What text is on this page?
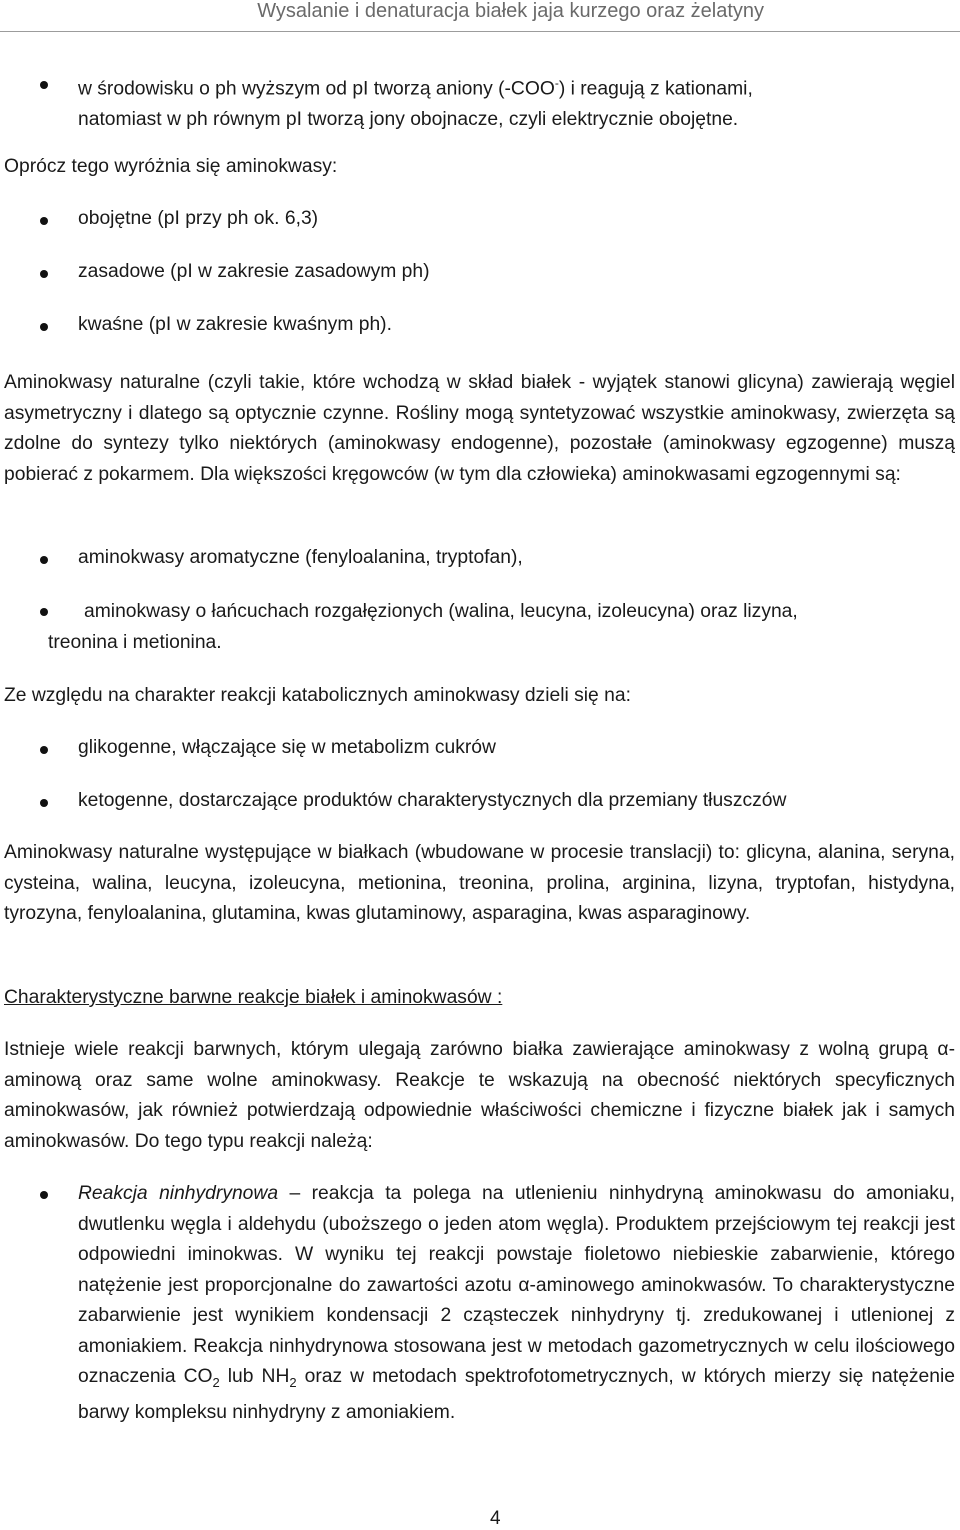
Wysalanie i denaturacja białek jaja kurzego oraz żelatyny

w środowisku o ph wyższym od pI tworzą aniony (-COO-) i reagują z kationami,
natomiast w ph równym pI tworzą jony obojnacze, czyli elektrycznie obojętne.

Oprócz tego wyróżnia się aminokwasy:

obojętne (pI przy ph ok. 6,3)

zasadowe (pI w zakresie zasadowym ph)

kwaśne (pI w zakresie kwaśnym ph).

Aminokwasy naturalne (czyli takie, które wchodzą w skład białek - wyjątek stanowi glicyna) zawierają węgiel asymetryczny i dlatego są optycznie czynne. Rośliny mogą syntetyzować wszystkie aminokwasy, zwierzęta są zdolne do syntezy tylko niektórych (aminokwasy endogenne), pozostałe (aminokwasy egzogenne) muszą pobierać z pokarmem. Dla większości kręgowców (w tym dla człowieka) aminokwasami egzogennymi są:

aminokwasy aromatyczne (fenyloalanina, tryptofan),

aminokwasy o łańcuchach rozgałęzionych (walina, leucyna, izoleucyna) oraz lizyna,

treonina i metionina.

Ze względu na charakter reakcji katabolicznych aminokwasy dzieli się na:

glikogenne, włączające się w metabolizm cukrów

ketogenne, dostarczające produktów charakterystycznych dla przemiany tłuszczów

Aminokwasy naturalne występujące w białkach (wbudowane w procesie translacji) to: glicyna, alanina, seryna, cysteina, walina, leucyna, izoleucyna, metionina, treonina, prolina, arginina, lizyna, tryptofan, histydyna, tyrozyna, fenyloalanina, glutamina, kwas glutaminowy, asparagina, kwas asparaginowy.

Charakterystyczne barwne reakcje białek i aminokwasów :

Istnieje wiele reakcji barwnych, którym ulegają zarówno białka zawierające aminokwasy z wolną grupą α-aminową oraz same wolne aminokwasy. Reakcje te wskazują na obecność niektórych specyficznych aminokwasów, jak również potwierdzają odpowiednie właściwości chemiczne i fizyczne białek jak i samych aminokwasów. Do tego typu reakcji należą:

Reakcja ninhydrynowa – reakcja ta polega na utlenieniu ninhydryną aminokwasu do amoniaku, dwutlenku węgla i aldehydu (uboższego o jeden atom węgla). Produktem przejściowym tej reakcji jest odpowiedni iminokwas. W wyniku tej reakcji powstaje fioletowo niebieskie zabarwienie, którego natężenie jest proporcjonalne do zawartości azotu α-aminowego aminokwasów. To charakterystyczne zabarwienie jest wynikiem kondensacji 2 cząsteczek ninhydryny tj. zredukowanej i utlenionej z amoniakiem. Reakcja ninhydrynowa stosowana jest w metodach gazometrycznych w celu ilościowego oznaczenia $CO_2$ lub $NH_2$ oraz w metodach spektrofotometrycznych, w których mierzy się natężenie barwy kompleksu ninhydryny z amoniakiem.

4
